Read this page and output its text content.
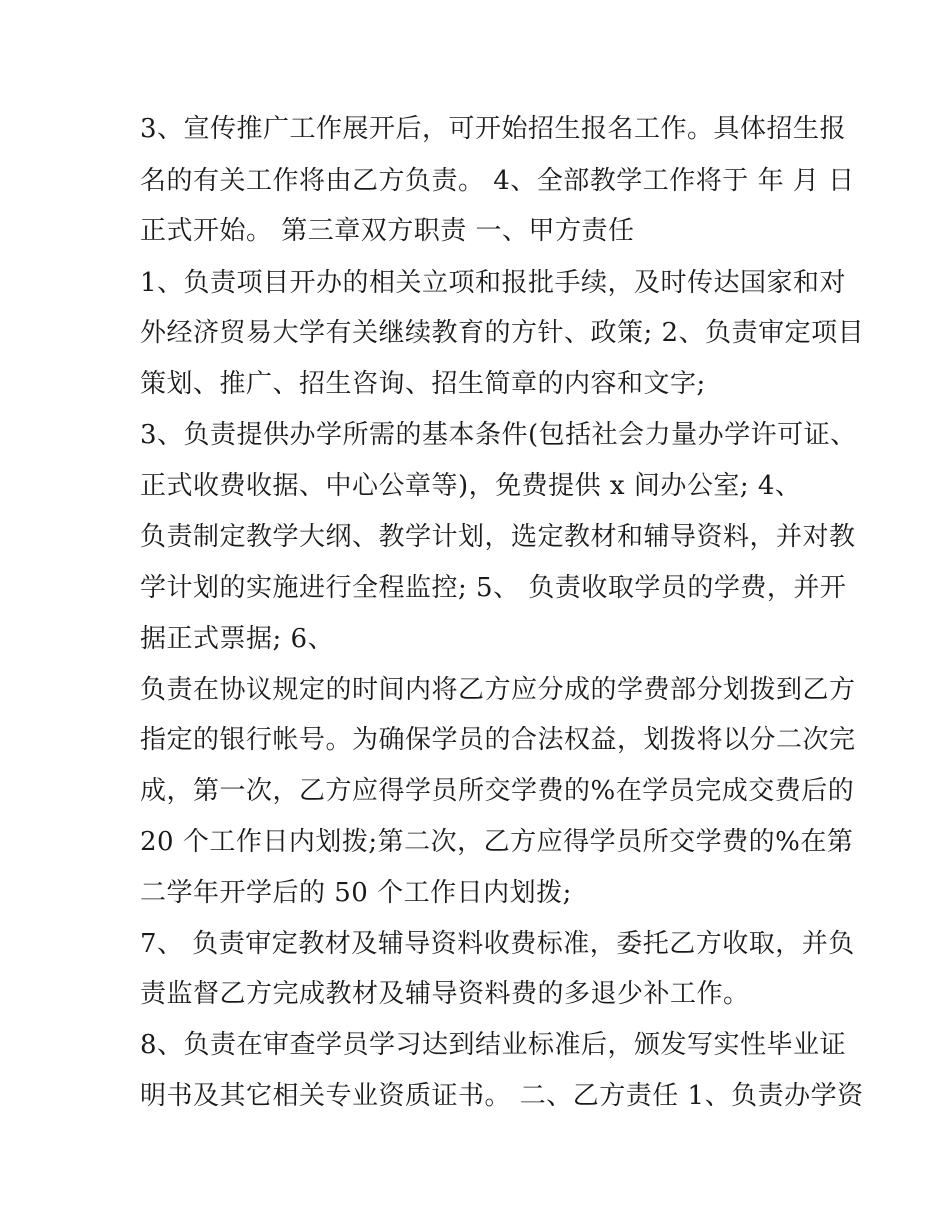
3、宣传推广工作展开后，可开始招生报名工作。具体招生报
名的有关工作将由乙方负责。 4、全部教学工作将于 年 月 日
正式开始。 第三章双方职责 一、甲方责任
1、负责项目开办的相关立项和报批手续，及时传达国家和对
外经济贸易大学有关继续教育的方针、政策; 2、负责审定项目
策划、推广、招生咨询、招生简章的内容和文字;
3、负责提供办学所需的基本条件(包括社会力量办学许可证、
正式收费收据、中心公章等)，免费提供 x 间办公室; 4、
负责制定教学大纲、教学计划，选定教材和辅导资料，并对教
学计划的实施进行全程监控; 5、 负责收取学员的学费，并开
据正式票据; 6、
负责在协议规定的时间内将乙方应分成的学费部分划拨到乙方
指定的银行帐号。为确保学员的合法权益，划拨将以分二次完
成，第一次，乙方应得学员所交学费的%在学员完成交费后的
20 个工作日内划拨;第二次，乙方应得学员所交学费的%在第
二学年开学后的 50 个工作日内划拨;
7、 负责审定教材及辅导资料收费标准，委托乙方收取，并负
责监督乙方完成教材及辅导资料费的多退少补工作。
8、负责在审查学员学习达到结业标准后，颁发写实性毕业证
明书及其它相关专业资质证书。 二、乙方责任 1、负责办学资
